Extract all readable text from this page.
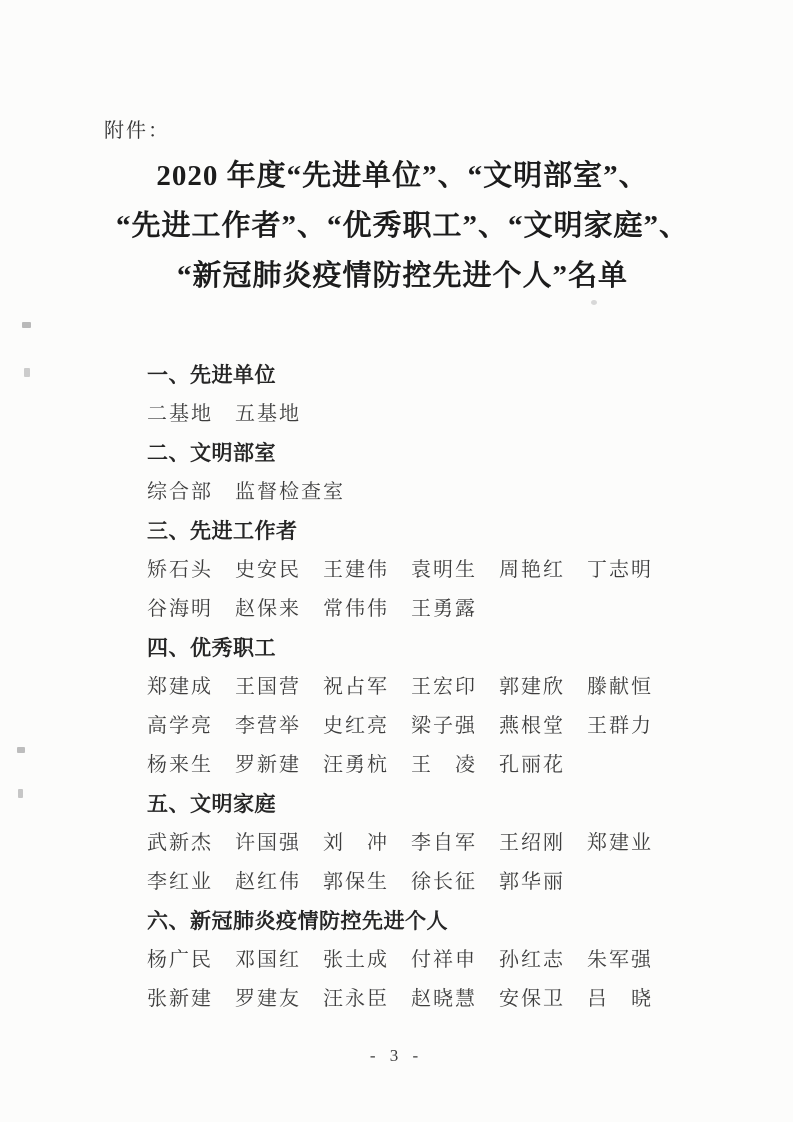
附件：
2020 年度“先进单位”、“文明部室”、
“先进工作者”、“优秀职工”、“文明家庭”、
“新冠肺炎疫情防控先进个人”名单
一、先进单位
二基地 五基地
二、文明部室
综合部 监督检查室
三、先进工作者
矫石头 史安民 王建伟 袁明生 周艳红 丁志明
谷海明 赵保来 常伟伟 王勇露
四、优秀职工
郑建成 王国营 祝占军 王宏印 郭建欣 滕献恒
高学亮 李营举 史红亮 梁子强 燕根堂 王群力
杨来生 罗新建 汪勇杭 王　凌 孔丽花
五、文明家庭
武新杰 许国强 刘　冲 李自军 王绍刚 郑建业
李红业 赵红伟 郭保生 徐长征 郭华丽
六、新冠肺炎疫情防控先进个人
杨广民 邓国红 张土成 付祥申 孙红志 朱军强
张新建 罗建友 汪永臣 赵晓慧 安保卫 吕　晓
- 3 -
